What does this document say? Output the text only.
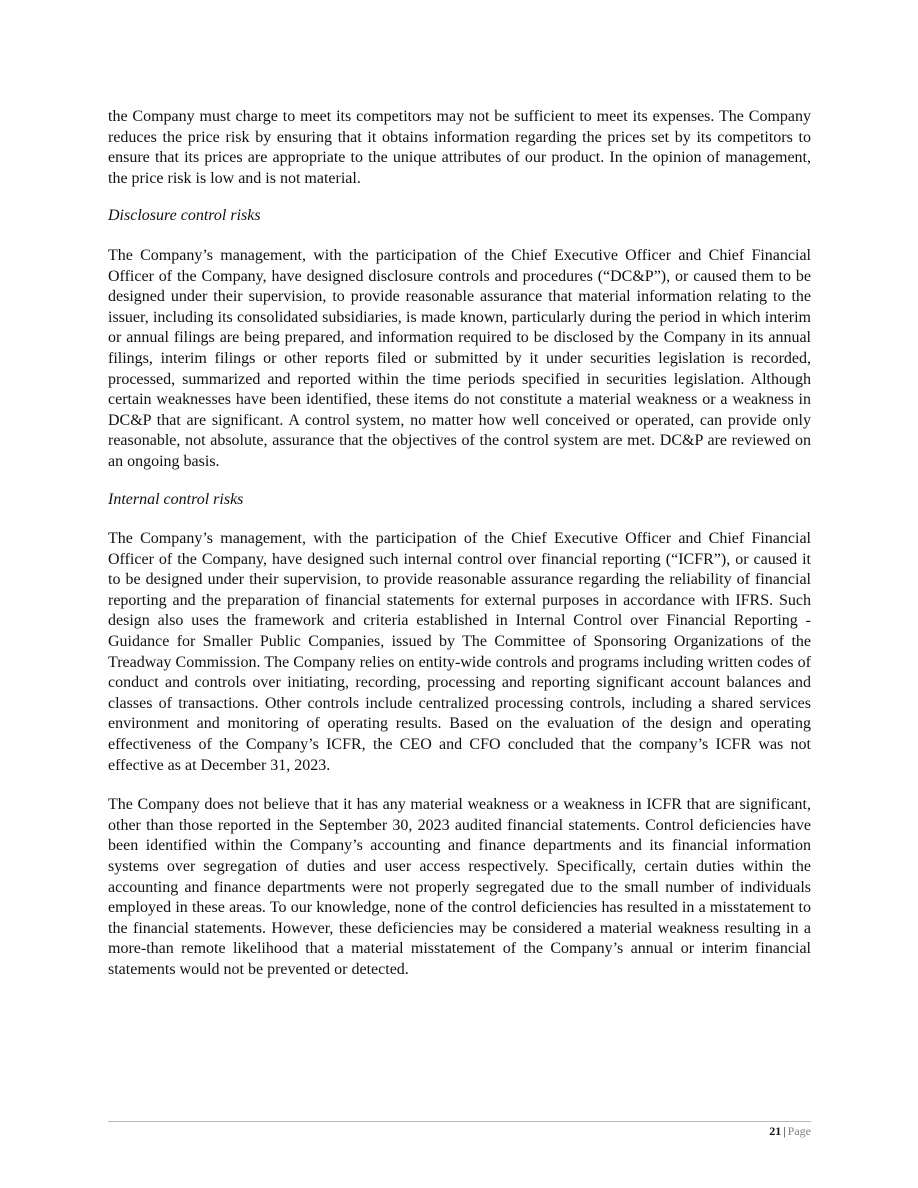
the Company must charge to meet its competitors may not be sufficient to meet its expenses. The Company reduces the price risk by ensuring that it obtains information regarding the prices set by its competitors to ensure that its prices are appropriate to the unique attributes of our product. In the opinion of management, the price risk is low and is not material.

Disclosure control risks

The Company’s management, with the participation of the Chief Executive Officer and Chief Financial Officer of the Company, have designed disclosure controls and procedures (“DC&P”), or caused them to be designed under their supervision, to provide reasonable assurance that material information relating to the issuer, including its consolidated subsidiaries, is made known, particularly during the period in which interim or annual filings are being prepared, and information required to be disclosed by the Company in its annual filings, interim filings or other reports filed or submitted by it under securities legislation is recorded, processed, summarized and reported within the time periods specified in securities legislation. Although certain weaknesses have been identified, these items do not constitute a material weakness or a weakness in DC&P that are significant. A control system, no matter how well conceived or operated, can provide only reasonable, not absolute, assurance that the objectives of the control system are met. DC&P are reviewed on an ongoing basis.

Internal control risks

The Company’s management, with the participation of the Chief Executive Officer and Chief Financial Officer of the Company, have designed such internal control over financial reporting (“ICFR”), or caused it to be designed under their supervision, to provide reasonable assurance regarding the reliability of financial reporting and the preparation of financial statements for external purposes in accordance with IFRS. Such design also uses the framework and criteria established in Internal Control over Financial Reporting - Guidance for Smaller Public Companies, issued by The Committee of Sponsoring Organizations of the Treadway Commission. The Company relies on entity-wide controls and programs including written codes of conduct and controls over initiating, recording, processing and reporting significant account balances and classes of transactions. Other controls include centralized processing controls, including a shared services environment and monitoring of operating results. Based on the evaluation of the design and operating effectiveness of the Company’s ICFR, the CEO and CFO concluded that the company’s ICFR was not effective as at December 31, 2023.

The Company does not believe that it has any material weakness or a weakness in ICFR that are significant, other than those reported in the September 30, 2023 audited financial statements. Control deficiencies have been identified within the Company’s accounting and finance departments and its financial information systems over segregation of duties and user access respectively. Specifically, certain duties within the accounting and finance departments were not properly segregated due to the small number of individuals employed in these areas. To our knowledge, none of the control deficiencies has resulted in a misstatement to the financial statements. However, these deficiencies may be considered a material weakness resulting in a more-than remote likelihood that a material misstatement of the Company’s annual or interim financial statements would not be prevented or detected.

21 | Page
